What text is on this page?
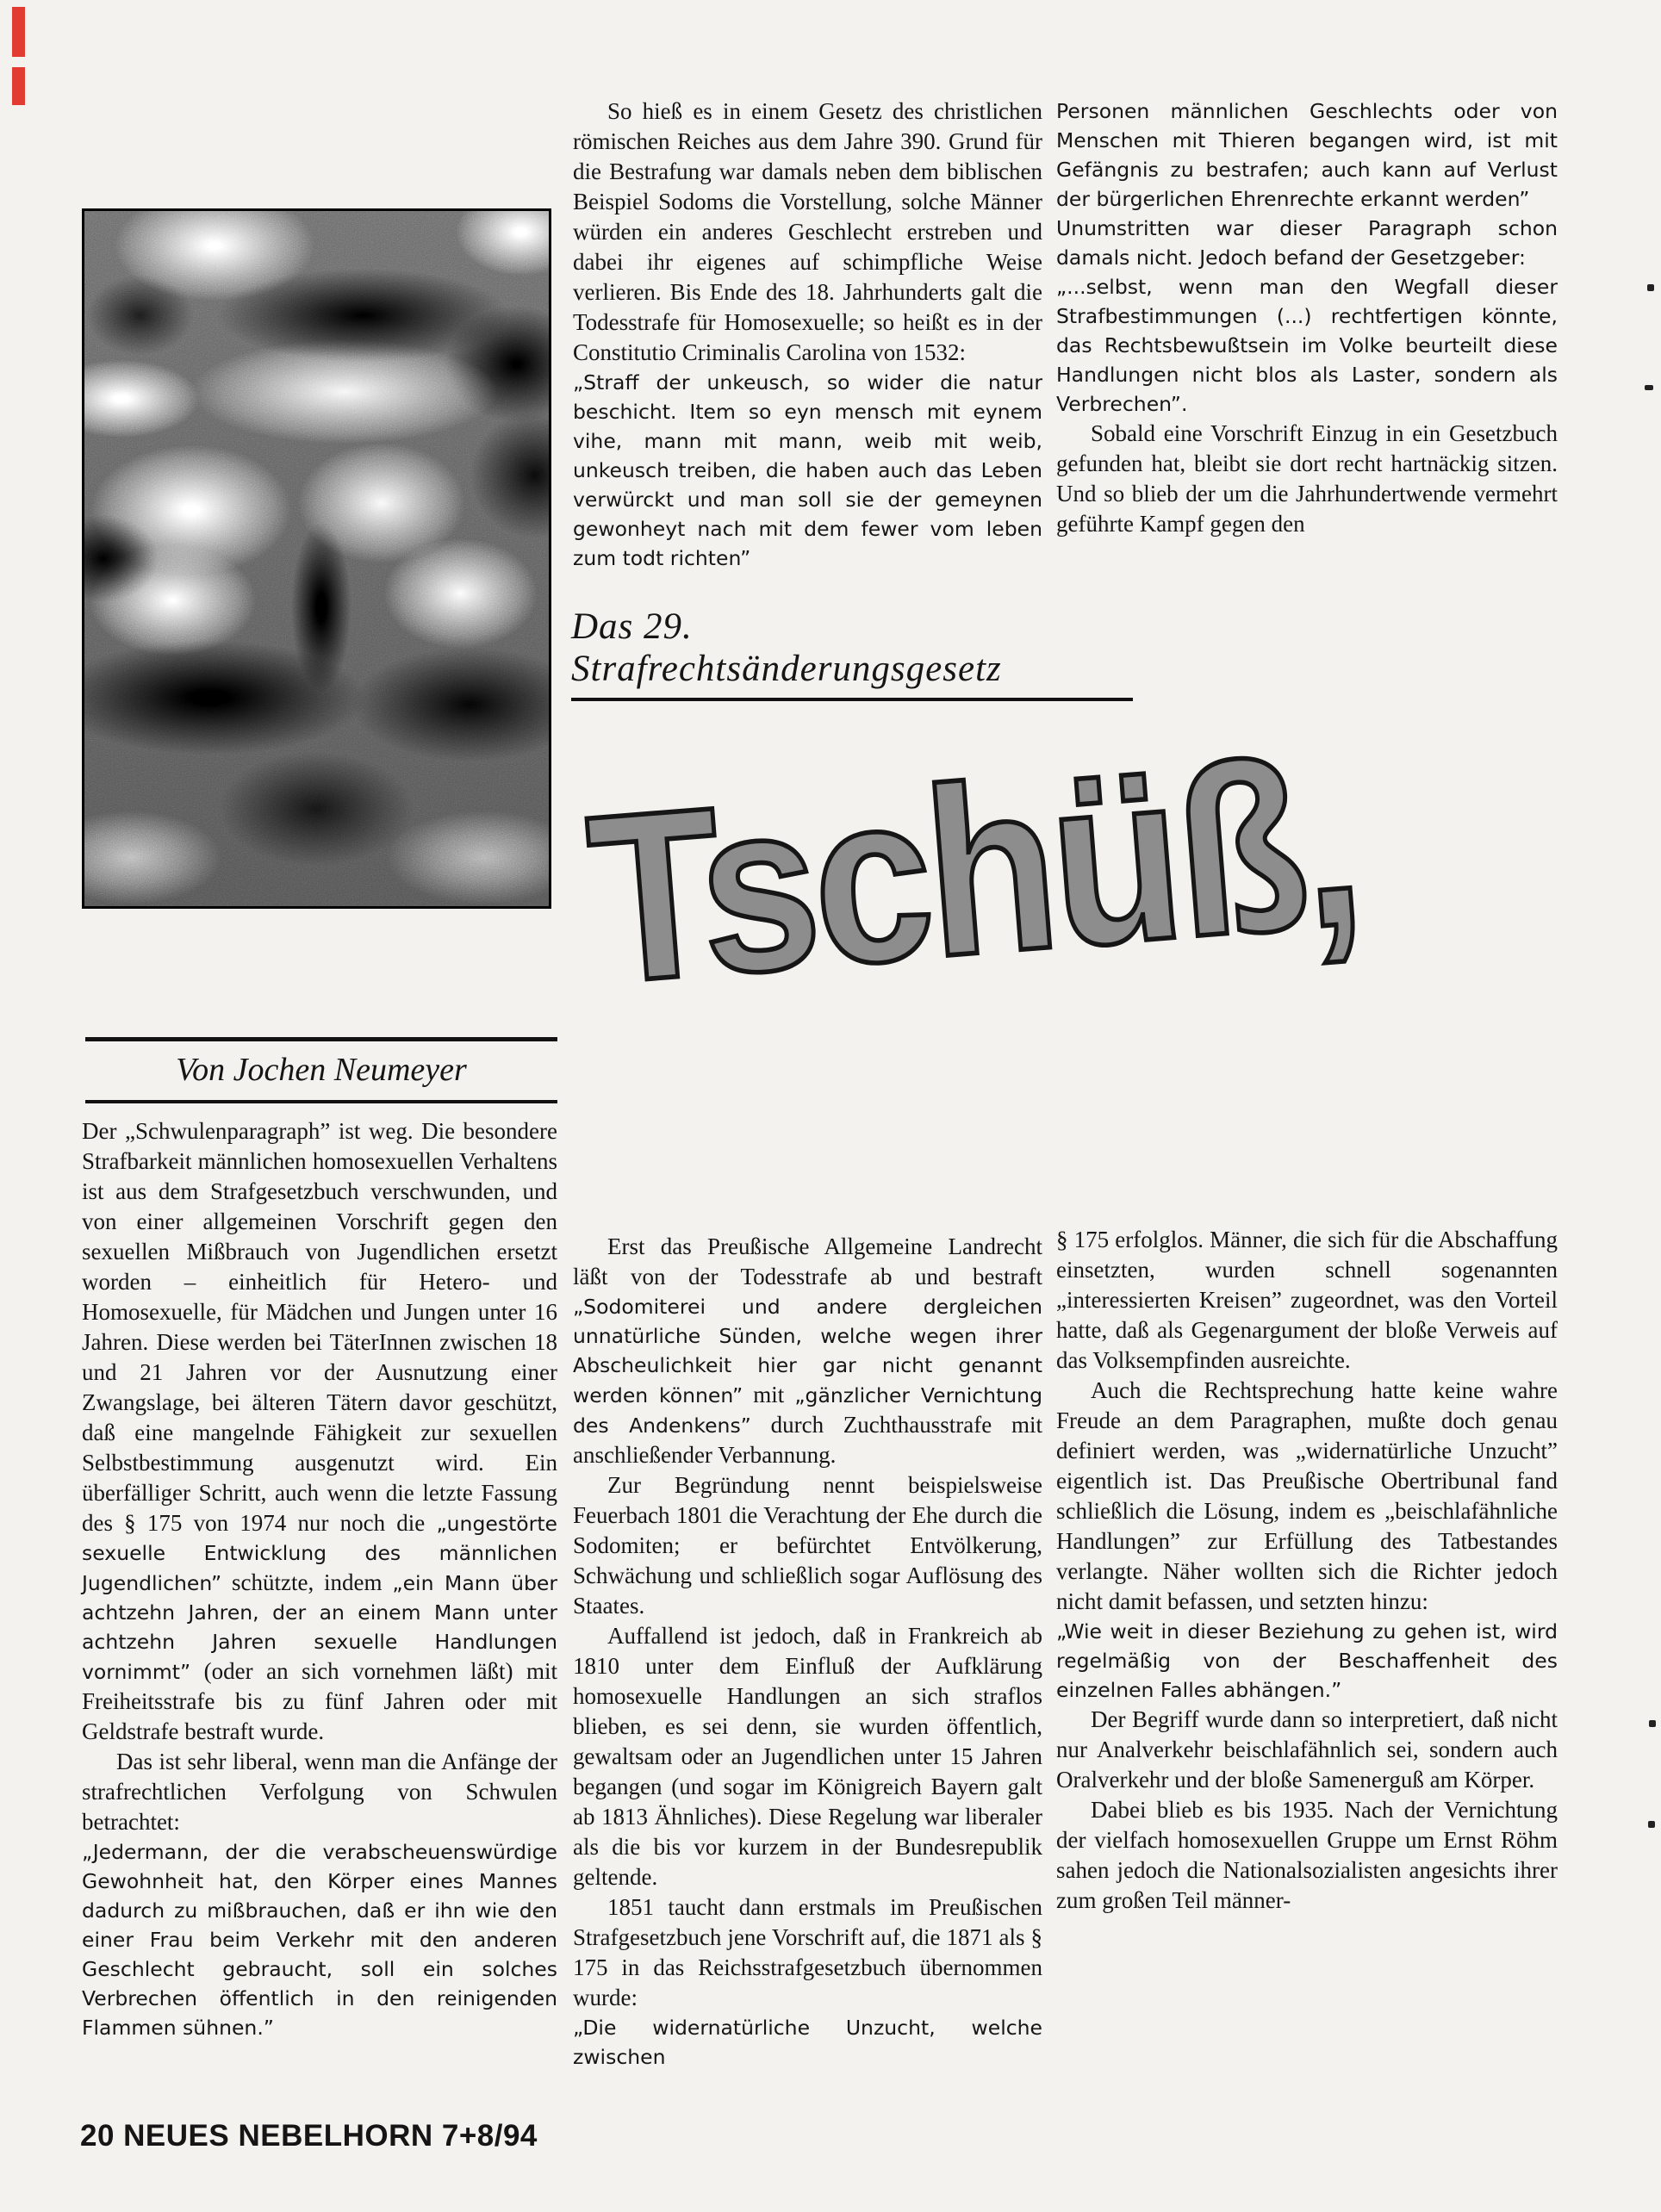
So hieß es in einem Gesetz des christlichen römischen Reiches aus dem Jahre 390. Grund für die Bestrafung war damals neben dem biblischen Beispiel Sodoms die Vorstellung, solche Männer würden ein anderes Geschlecht erstreben und dabei ihr eigenes auf schimpfliche Weise verlieren. Bis Ende des 18. Jahrhunderts galt die Todesstrafe für Homosexuelle; so heißt es in der Constitutio Criminalis Carolina von 1532:

„Straff der unkeusch, so wider die natur beschicht. Item so eyn mensch mit eynem vihe, mann mit mann, weib mit weib, unkeusch treiben, die haben auch das Leben verwürckt und man soll sie der gemeynen gewonheyt nach mit dem fewer vom leben zum todt richten”

Personen männlichen Geschlechts oder von Menschen mit Thieren begangen wird, ist mit Gefängnis zu bestrafen; auch kann auf Verlust der bürgerlichen Ehrenrechte erkannt werden”

Unumstritten war dieser Paragraph schon damals nicht. Jedoch befand der Gesetzgeber:

„...selbst, wenn man den Wegfall dieser Strafbestimmungen (...) rechtfertigen könnte, das Rechtsbewußtsein im Volke beurteilt diese Handlungen nicht blos als Laster, sondern als Verbrechen”.

Sobald eine Vorschrift Einzug in ein Gesetzbuch gefunden hat, bleibt sie dort recht hartnäckig sitzen. Und so blieb der um die Jahrhundertwende vermehrt geführte Kampf gegen den

Das 29. Strafrechtsänderungsgesetz
Tschüß,
Von Jochen Neumeyer

Der „Schwulenparagraph” ist weg. Die besondere Strafbarkeit männlichen homosexuellen Verhaltens ist aus dem Strafgesetzbuch verschwunden, und von einer allgemeinen Vorschrift gegen den sexuellen Mißbrauch von Jugendlichen ersetzt worden – einheitlich für Hetero- und Homosexuelle, für Mädchen und Jungen unter 16 Jahren. Diese werden bei TäterInnen zwischen 18 und 21 Jahren vor der Ausnutzung einer Zwangslage, bei älteren Tätern davor geschützt, daß eine mangelnde Fähigkeit zur sexuellen Selbstbestimmung ausgenutzt wird. Ein überfälliger Schritt, auch wenn die letzte Fassung des § 175 von 1974 nur noch die „ungestörte sexuelle Entwicklung des männlichen Jugendlichen” schützte, indem „ein Mann über achtzehn Jahren, der an einem Mann unter achtzehn Jahren sexuelle Handlungen vornimmt” (oder an sich vornehmen läßt) mit Freiheitsstrafe bis zu fünf Jahren oder mit Geldstrafe bestraft wurde.

Das ist sehr liberal, wenn man die Anfänge der strafrechtlichen Verfolgung von Schwulen betrachtet:

„Jedermann, der die verabscheuenswürdige Gewohnheit hat, den Körper eines Mannes dadurch zu mißbrauchen, daß er ihn wie den einer Frau beim Verkehr mit den anderen Geschlecht gebraucht, soll ein solches Verbrechen öffentlich in den reinigenden Flammen sühnen.”

Erst das Preußische Allgemeine Landrecht läßt von der Todesstrafe ab und bestraft „Sodomiterei und andere dergleichen unnatürliche Sünden, welche wegen ihrer Abscheulichkeit hier gar nicht genannt werden können” mit „gänzlicher Vernichtung des Andenkens” durch Zuchthausstrafe mit anschließender Verbannung.

Zur Begründung nennt beispielsweise Feuerbach 1801 die Verachtung der Ehe durch die Sodomiten; er befürchtet Entvölkerung, Schwächung und schließlich sogar Auflösung des Staates.

Auffallend ist jedoch, daß in Frankreich ab 1810 unter dem Einfluß der Aufklärung homosexuelle Handlungen an sich straflos blieben, es sei denn, sie wurden öffentlich, gewaltsam oder an Jugendlichen unter 15 Jahren begangen (und sogar im Königreich Bayern galt ab 1813 Ähnliches). Diese Regelung war liberaler als die bis vor kurzem in der Bundesrepublik geltende.

1851 taucht dann erstmals im Preußischen Strafgesetzbuch jene Vorschrift auf, die 1871 als § 175 in das Reichsstrafgesetzbuch übernommen wurde:

„Die widernatürliche Unzucht, welche zwischen

§ 175 erfolglos. Männer, die sich für die Abschaffung einsetzten, wurden schnell sogenannten „interessierten Kreisen” zugeordnet, was den Vorteil hatte, daß als Gegenargument der bloße Verweis auf das Volksempfinden ausreichte.

Auch die Rechtsprechung hatte keine wahre Freude an dem Paragraphen, mußte doch genau definiert werden, was „widernatürliche Unzucht” eigentlich ist. Das Preußische Obertribunal fand schließlich die Lösung, indem es „beischlafähnliche Handlungen” zur Erfüllung des Tatbestandes verlangte. Näher wollten sich die Richter jedoch nicht damit befassen, und setzten hinzu:

„Wie weit in dieser Beziehung zu gehen ist, wird regelmäßig von der Beschaffenheit des einzelnen Falles abhängen.”

Der Begriff wurde dann so interpretiert, daß nicht nur Analverkehr beischlafähnlich sei, sondern auch Oralverkehr und der bloße Samenerguß am Körper.

Dabei blieb es bis 1935. Nach der Vernichtung der vielfach homosexuellen Gruppe um Ernst Röhm sahen jedoch die Nationalsozialisten angesichts ihrer zum großen Teil männer-

20 NEUES NEBELHORN 7+8/94
